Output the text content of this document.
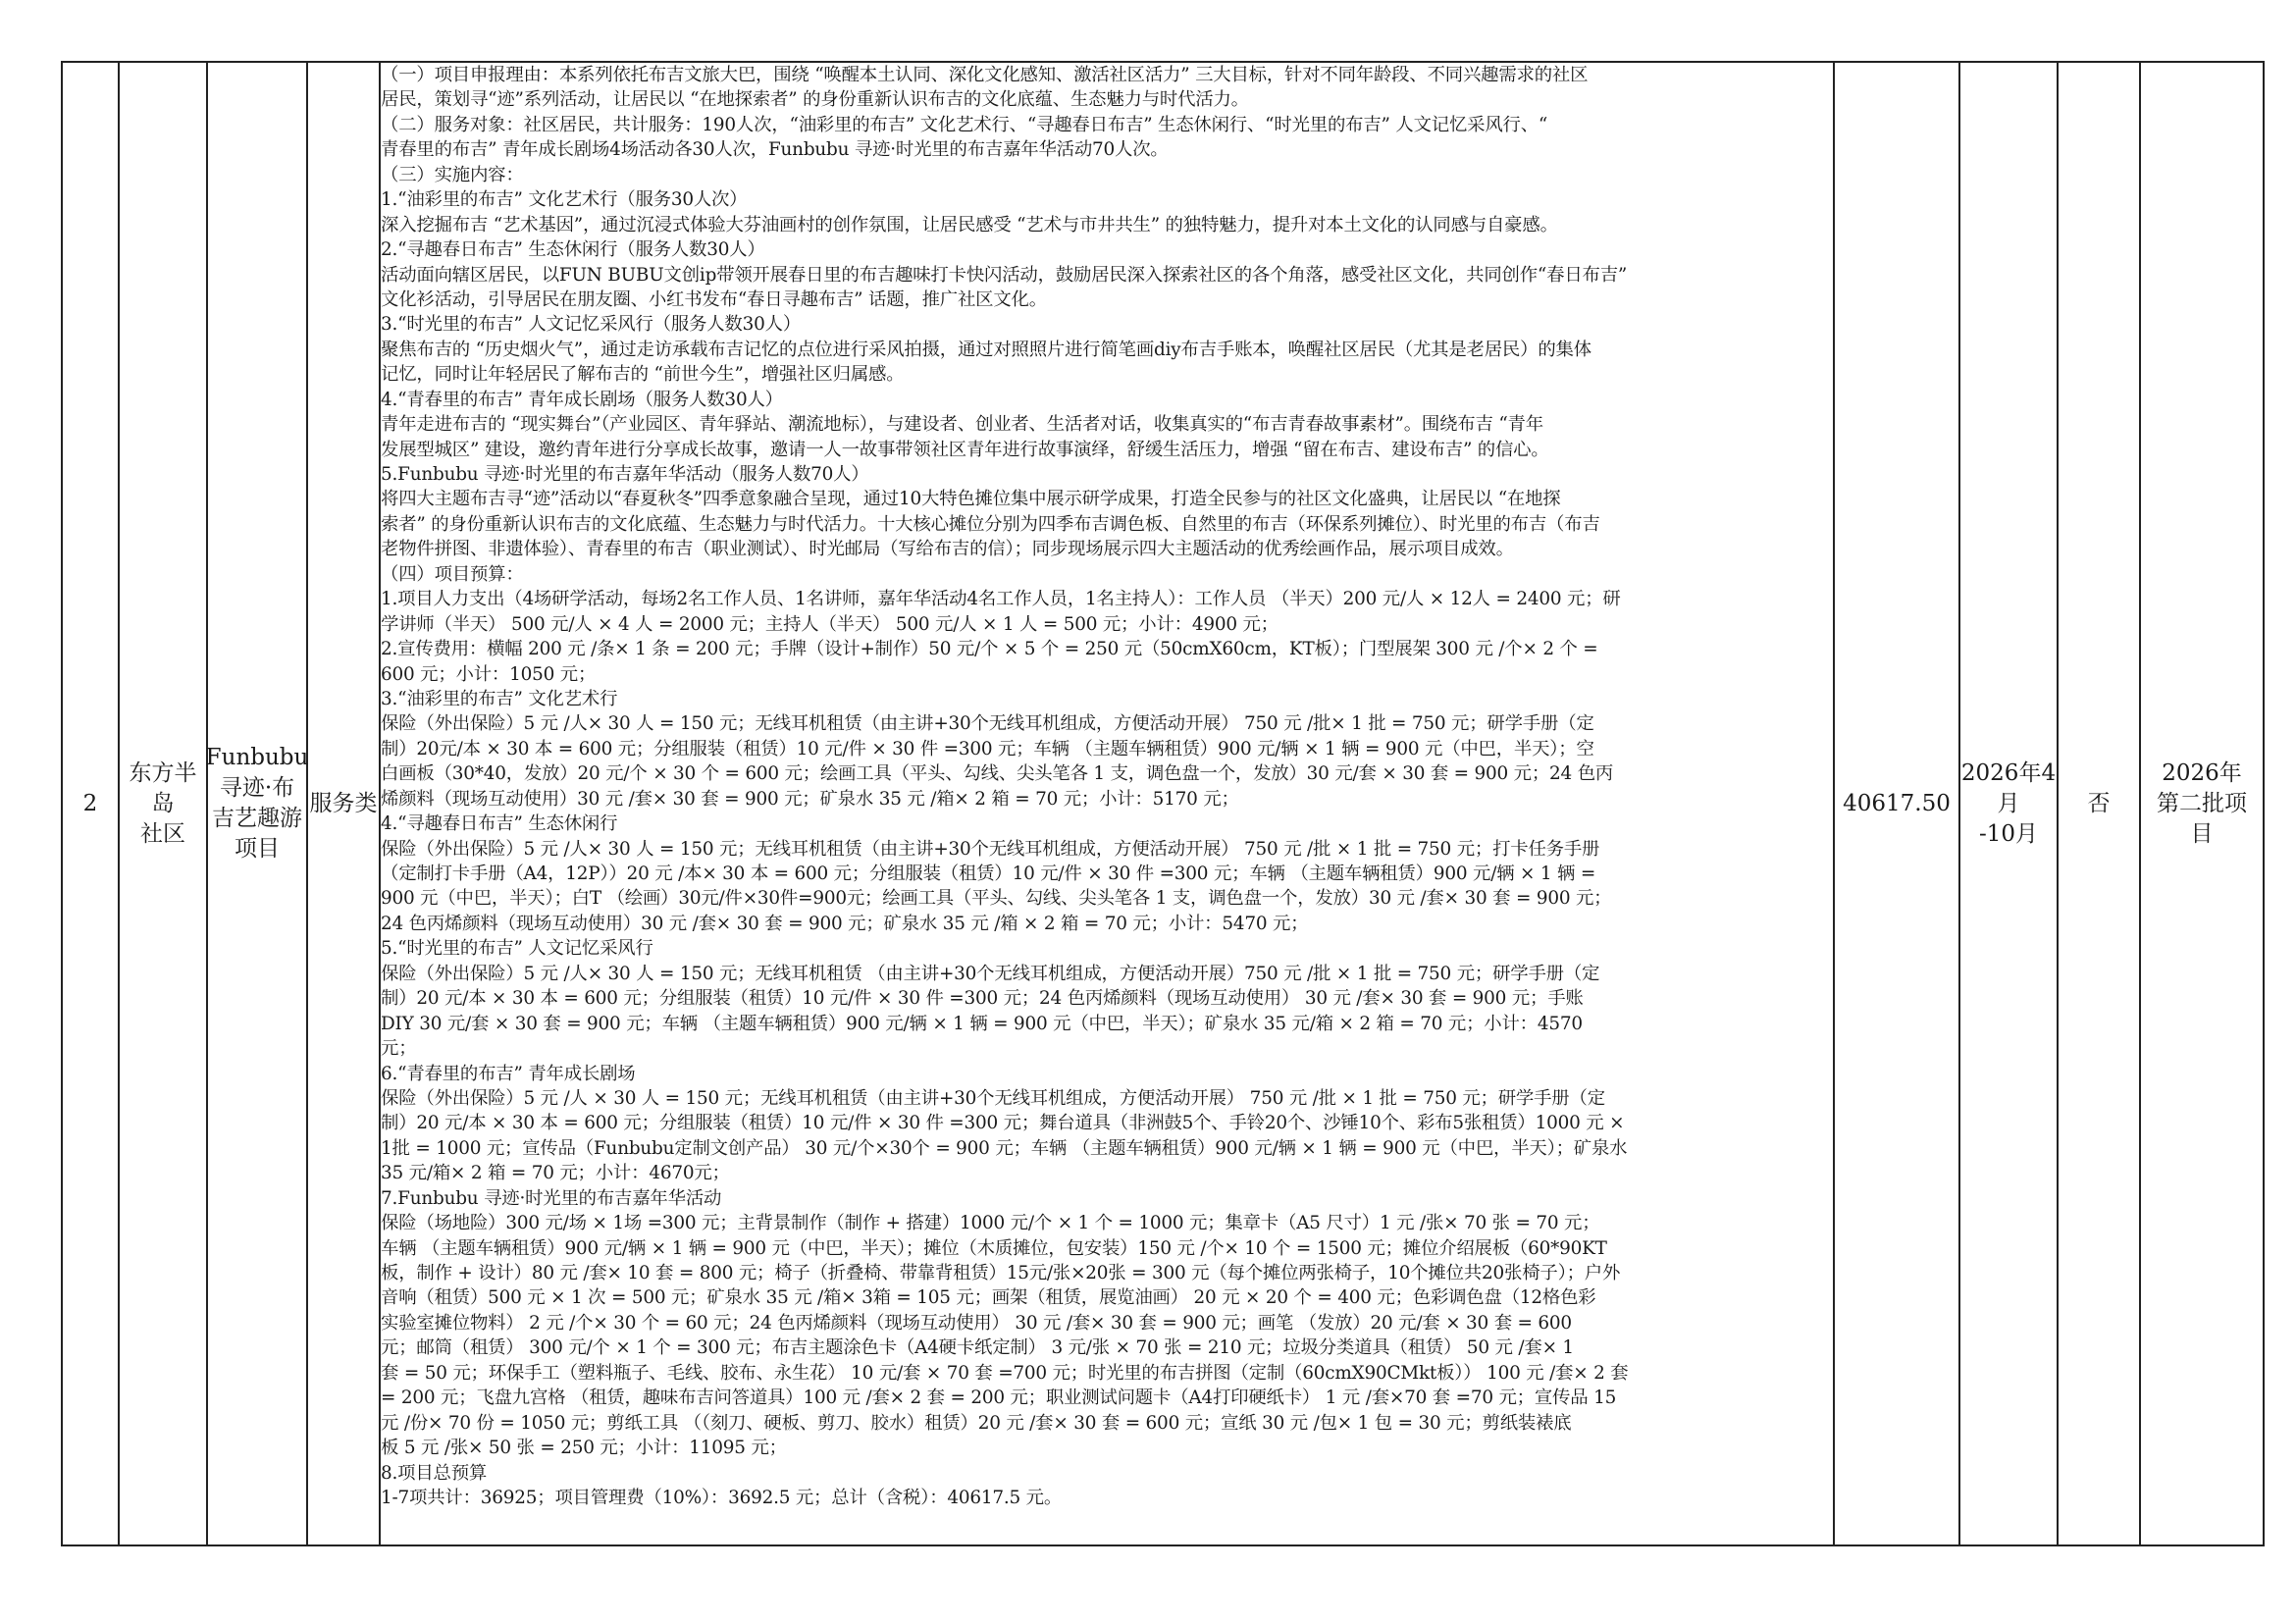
2
东方半岛
社区
Funbubu
寻迹·布
吉艺趣游
项目
服务类
（一）项目申报理由：本系列依托布吉文旅大巴，围绕 “唤醒本土认同、深化文化感知、激活社区活力” 三大目标，针对不同年龄段、不同兴趣需求的社区
居民，策划寻“迹”系列活动，让居民以 “在地探索者” 的身份重新认识布吉的文化底蕴、生态魅力与时代活力。
（二）服务对象：社区居民，共计服务：190人次，“油彩里的布吉” 文化艺术行、“寻趣春日布吉” 生态休闲行、“时光里的布吉” 人文记忆采风行、“
青春里的布吉” 青年成长剧场4场活动各30人次，Funbubu 寻迹·时光里的布吉嘉年华活动70人次。
（三）实施内容：
1.“油彩里的布吉” 文化艺术行（服务30人次）
深入挖掘布吉 “艺术基因”，通过沉浸式体验大芬油画村的创作氛围，让居民感受 “艺术与市井共生” 的独特魅力，提升对本土文化的认同感与自豪感。
2.“寻趣春日布吉” 生态休闲行（服务人数30人）
活动面向辖区居民，以FUN BUBU文创ip带领开展春日里的布吉趣味打卡快闪活动，鼓励居民深入探索社区的各个角落，感受社区文化，共同创作“春日布吉”
文化衫活动，引导居民在朋友圈、小红书发布“春日寻趣布吉” 话题，推广社区文化。
3.“时光里的布吉” 人文记忆采风行（服务人数30人）
聚焦布吉的 “历史烟火气”，通过走访承载布吉记忆的点位进行采风拍摄，通过对照照片进行简笔画diy布吉手账本，唤醒社区居民（尤其是老居民）的集体
记忆，同时让年轻居民了解布吉的 “前世今生”，增强社区归属感。
4.“青春里的布吉” 青年成长剧场（服务人数30人）
青年走进布吉的 “现实舞台”（产业园区、青年驿站、潮流地标），与建设者、创业者、生活者对话，收集真实的“布吉青春故事素材”。围绕布吉 “青年
发展型城区” 建设，邀约青年进行分享成长故事，邀请一人一故事带领社区青年进行故事演绎，舒缓生活压力，增强 “留在布吉、建设布吉” 的信心。
5.Funbubu 寻迹·时光里的布吉嘉年华活动（服务人数70人）
将四大主题布吉寻“迹”活动以“春夏秋冬”四季意象融合呈现，通过10大特色摊位集中展示研学成果，打造全民参与的社区文化盛典，让居民以 “在地探
索者” 的身份重新认识布吉的文化底蕴、生态魅力与时代活力。十大核心摊位分别为四季布吉调色板、自然里的布吉（环保系列摊位）、时光里的布吉（布吉
老物件拼图、非遗体验）、青春里的布吉（职业测试）、时光邮局（写给布吉的信）；同步现场展示四大主题活动的优秀绘画作品，展示项目成效。
（四）项目预算：
1.项目人力支出（4场研学活动，每场2名工作人员、1名讲师，嘉年华活动4名工作人员，1名主持人）：工作人员 （半天）200 元/人 × 12人 = 2400 元；研
学讲师（半天） 500 元/人 × 4 人 = 2000 元；主持人（半天） 500 元/人 × 1 人 = 500 元；小计：4900 元；
2.宣传费用：横幅 200 元 /条× 1 条 = 200 元；手牌（设计+制作）50 元/个 × 5 个 = 250 元（50cmX60cm，KT板）；门型展架 300 元 /个× 2 个 =
600 元；小计：1050 元；
3.“油彩里的布吉” 文化艺术行
保险（外出保险）5 元 /人× 30 人 = 150 元；无线耳机租赁（由主讲+30个无线耳机组成，方便活动开展） 750 元 /批× 1 批 = 750 元；研学手册（定
制）20元/本 × 30 本 = 600 元；分组服装（租赁）10 元/件 × 30 件 =300 元；车辆 （主题车辆租赁）900 元/辆 × 1 辆 = 900 元（中巴，半天）；空
白画板（30*40，发放）20 元/个 × 30 个 = 600 元；绘画工具（平头、勾线、尖头笔各 1 支，调色盘一个，发放）30 元/套 × 30 套 = 900 元；24 色丙
烯颜料（现场互动使用）30 元 /套× 30 套 = 900 元；矿泉水 35 元 /箱× 2 箱 = 70 元；小计：5170 元；
4.“寻趣春日布吉” 生态休闲行
保险（外出保险）5 元 /人× 30 人 = 150 元；无线耳机租赁（由主讲+30个无线耳机组成，方便活动开展） 750 元 /批 × 1 批 = 750 元；打卡任务手册
（定制打卡手册（A4，12P））20 元 /本× 30 本 = 600 元；分组服装（租赁）10 元/件 × 30 件 =300 元；车辆 （主题车辆租赁）900 元/辆 × 1 辆 =
900 元（中巴，半天）；白T （绘画）30元/件×30件=900元；绘画工具（平头、勾线、尖头笔各 1 支，调色盘一个，发放）30 元 /套× 30 套 = 900 元；
24 色丙烯颜料（现场互动使用）30 元 /套× 30 套 = 900 元；矿泉水 35 元 /箱 × 2 箱 = 70 元；小计：5470 元；
5.“时光里的布吉” 人文记忆采风行
保险（外出保险）5 元 /人× 30 人 = 150 元；无线耳机租赁 （由主讲+30个无线耳机组成，方便活动开展）750 元 /批 × 1 批 = 750 元；研学手册（定
制）20 元/本 × 30 本 = 600 元；分组服装（租赁）10 元/件 × 30 件 =300 元；24 色丙烯颜料（现场互动使用） 30 元 /套× 30 套 = 900 元；手账
DIY 30 元/套 × 30 套 = 900 元；车辆 （主题车辆租赁）900 元/辆 × 1 辆 = 900 元（中巴，半天）；矿泉水 35 元/箱 × 2 箱 = 70 元；小计：4570
元；
6.“青春里的布吉” 青年成长剧场
保险（外出保险）5 元 /人 × 30 人 = 150 元；无线耳机租赁（由主讲+30个无线耳机组成，方便活动开展） 750 元 /批 × 1 批 = 750 元；研学手册（定
制）20 元/本 × 30 本 = 600 元；分组服装（租赁）10 元/件 × 30 件 =300 元；舞台道具（非洲鼓5个、手铃20个、沙锤10个、彩布5张租赁）1000 元 ×
1批 = 1000 元；宣传品（Funbubu定制文创产品） 30 元/个×30个 = 900 元；车辆 （主题车辆租赁）900 元/辆 × 1 辆 = 900 元（中巴，半天）；矿泉水
35 元/箱× 2 箱 = 70 元；小计：4670元；
7.Funbubu 寻迹·时光里的布吉嘉年华活动
保险（场地险）300 元/场 × 1场 =300 元；主背景制作（制作 + 搭建）1000 元/个 × 1 个 = 1000 元；集章卡（A5 尺寸）1 元 /张× 70 张 = 70 元；
车辆 （主题车辆租赁）900 元/辆 × 1 辆 = 900 元（中巴，半天）；摊位（木质摊位，包安装）150 元 /个× 10 个 = 1500 元；摊位介绍展板（60*90KT
板，制作 + 设计）80 元 /套× 10 套 = 800 元；椅子（折叠椅、带靠背租赁）15元/张×20张 = 300 元（每个摊位两张椅子，10个摊位共20张椅子）；户外
音响（租赁）500 元 × 1 次 = 500 元；矿泉水 35 元 /箱× 3箱 = 105 元；画架（租赁，展览油画） 20 元 × 20 个 = 400 元；色彩调色盘（12格色彩
实验室摊位物料） 2 元 /个× 30 个 = 60 元；24 色丙烯颜料（现场互动使用） 30 元 /套× 30 套 = 900 元；画笔 （发放）20 元/套 × 30 套 = 600
元；邮筒（租赁） 300 元/个 × 1 个 = 300 元；布吉主题涂色卡（A4硬卡纸定制） 3 元/张 × 70 张 = 210 元；垃圾分类道具（租赁） 50 元 /套× 1
套 = 50 元；环保手工（塑料瓶子、毛线、胶布、永生花） 10 元/套 × 70 套 =700 元；时光里的布吉拼图（定制（60cmX90CMkt板）） 100 元 /套× 2 套
= 200 元；飞盘九宫格 （租赁，趣味布吉问答道具）100 元 /套× 2 套 = 200 元；职业测试问题卡（A4打印硬纸卡） 1 元 /套×70 套 =70 元；宣传品 15
元 /份× 70 份 = 1050 元；剪纸工具 （（刻刀、硬板、剪刀、胶水）租赁）20 元 /套× 30 套 = 600 元；宣纸 30 元 /包× 1 包 = 30 元；剪纸装裱底
板 5 元 /张× 50 张 = 250 元；小计：11095 元；
8.项目总预算
1-7项共计：36925；项目管理费（10%）：3692.5 元；总计（含税）：40617.5 元。
40617.50
2026年4月
-10月
否
2026年
第二批项
目
